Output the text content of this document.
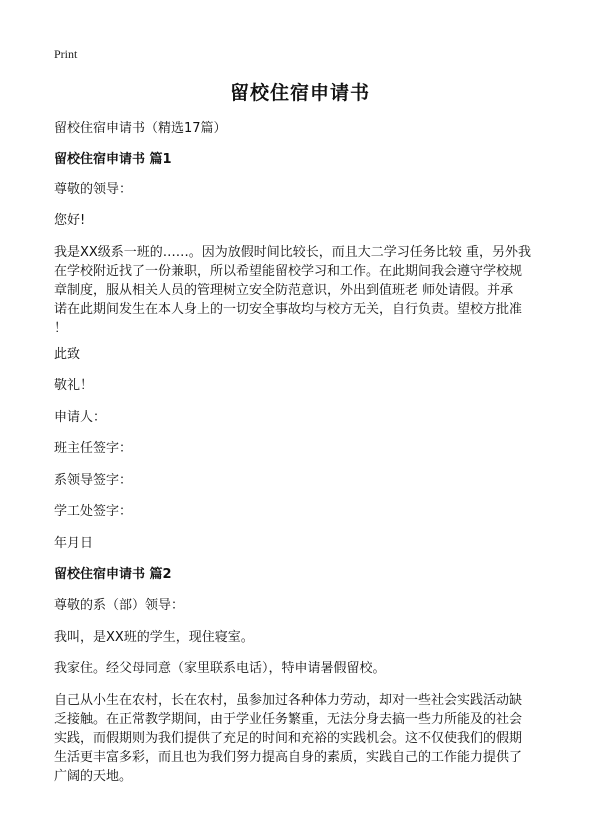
Print
留校住宿申请书
留校住宿申请书（精选17篇）
留校住宿申请书 篇1
尊敬的领导：
您好!
我是XX级系一班的……。因为放假时间比较长，而且大二学习任务比较 重，另外我
在学校附近找了一份兼职，所以希望能留校学习和工作。在此期间我会遵守学校规
章制度，服从相关人员的管理树立安全防范意识，外出到值班老 师处请假。并承
诺在此期间发生在本人身上的一切安全事故均与校方无关，自行负责。望校方批准
！
此致
敬礼！
申请人：
班主任签字：
系领导签字：
学工处签字：
年月日
留校住宿申请书 篇2
尊敬的系（部）领导：
我叫，是XX班的学生，现住寝室。
我家住。经父母同意（家里联系电话），特申请暑假留校。
自己从小生在农村，长在农村，虽参加过各种体力劳动，却对一些社会实践活动缺
乏接触。在正常教学期间，由于学业任务繁重，无法分身去搞一些力所能及的社会
实践，而假期则为我们提供了充足的时间和充裕的实践机会。这不仅使我们的假期
生活更丰富多彩，而且也为我们努力提高自身的素质，实践自己的工作能力提供了
广阔的天地。
